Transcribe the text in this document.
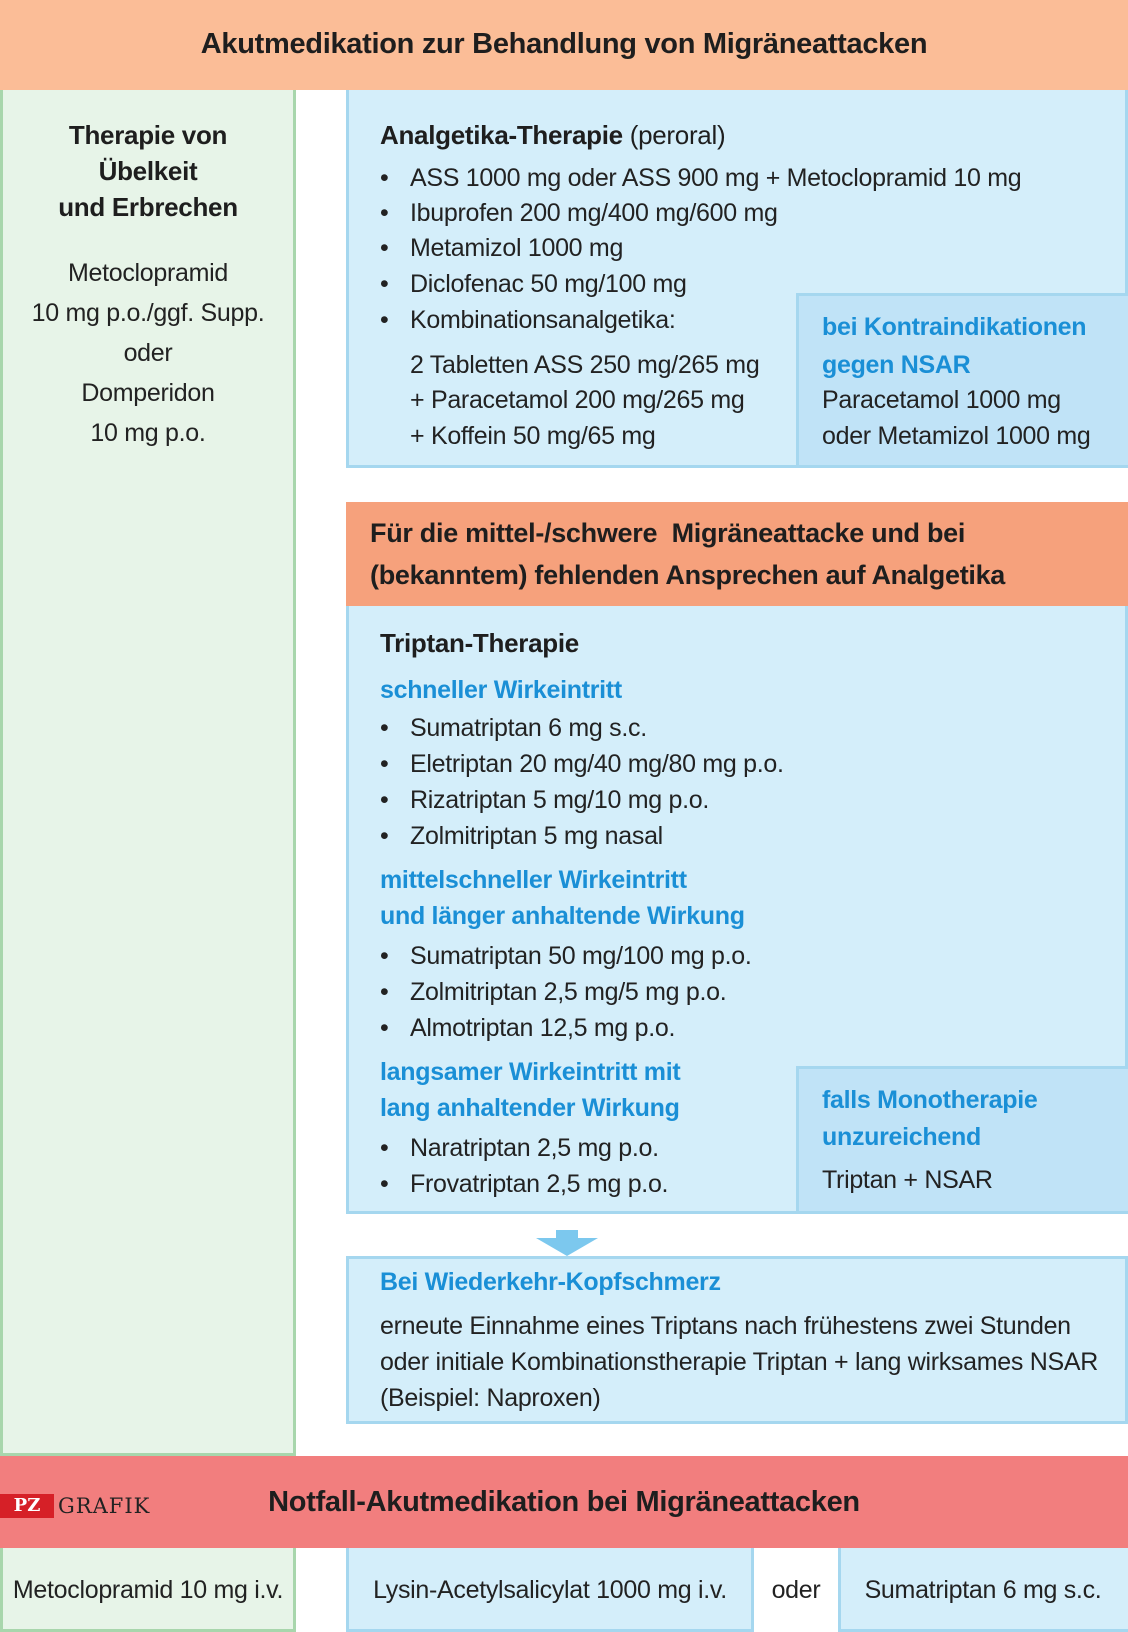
Akutmedikation zur Behandlung von Migräneattacken
Therapie von
Übelkeit
und Erbrechen
Metoclopramid
10 mg p.o./ggf. Supp.
oder
Domperidon
10 mg p.o.
Analgetika-Therapie (peroral)
• ASS 1000 mg oder ASS 900 mg + Metoclopramid 10 mg
• Ibuprofen 200 mg/400 mg/600 mg
• Metamizol 1000 mg
• Diclofenac 50 mg/100 mg
• Kombinationsanalgetika:
2 Tabletten ASS 250 mg/265 mg
+ Paracetamol 200 mg/265 mg
+ Koffein 50 mg/65 mg
bei Kontraindikationen
gegen NSAR
Paracetamol 1000 mg
oder Metamizol 1000 mg
Für die mittel-/schwere  Migräneattacke und bei
(bekanntem) fehlenden Ansprechen auf Analgetika
Triptan-Therapie
schneller Wirkeintritt
• Sumatriptan 6 mg s.c.
• Eletriptan 20 mg/40 mg/80 mg p.o.
• Rizatriptan 5 mg/10 mg p.o.
• Zolmitriptan 5 mg nasal
mittelschneller Wirkeintritt
und länger anhaltende Wirkung
• Sumatriptan 50 mg/100 mg p.o.
• Zolmitriptan 2,5 mg/5 mg p.o.
• Almotriptan 12,5 mg p.o.
langsamer Wirkeintritt mit
lang anhaltender Wirkung
• Naratriptan 2,5 mg p.o.
• Frovatriptan 2,5 mg p.o.
falls Monotherapie
unzureichend
Triptan + NSAR
Bei Wiederkehr-Kopfschmerz
erneute Einnahme eines Triptans nach frühestens zwei Stunden
oder initiale Kombinationstherapie Triptan + lang wirksames NSAR
(Beispiel: Naproxen)
PZ GRAFIK	Notfall-Akutmedikation bei Migräneattacken
Metoclopramid 10 mg i.v.	Lysin-Acetylsalicylat 1000 mg i.v.	oder	Sumatriptan 6 mg s.c.
